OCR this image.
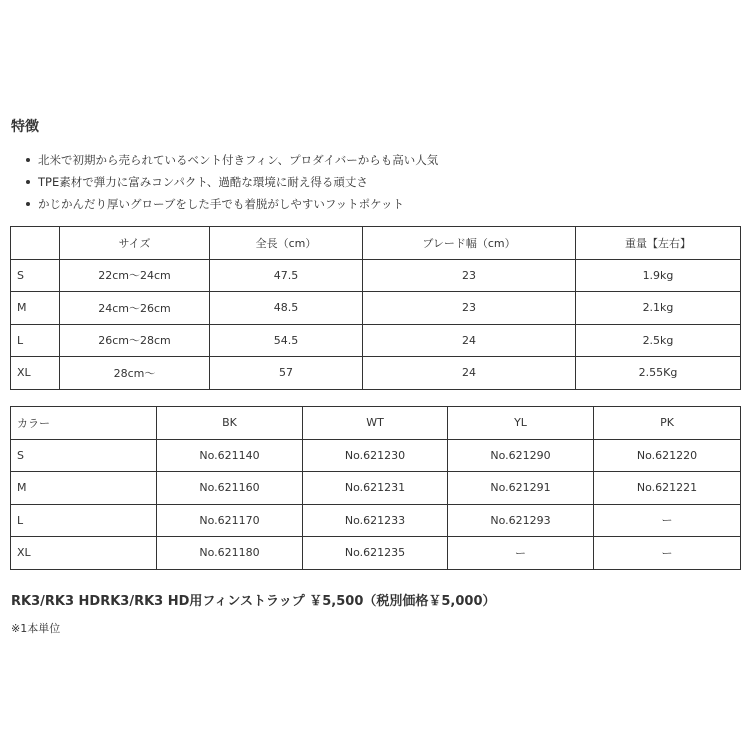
特徴
北米で初期から売られているベント付きフィン、プロダイバーからも高い人気
TPE素材で弾力に富みコンパクト、過酷な環境に耐え得る頑丈さ
かじかんだり厚いグローブをした手でも着脱がしやすいフットポケット
	サイズ	全長（cm）	ブレード幅（cm）	重量【左右】
S	22cm～24cm	47.5	23	1.9kg
M	24cm～26cm	48.5	23	2.1kg
L	26cm～28cm	54.5	24	2.5kg
XL	28cm～	57	24	2.55Kg
カラー	BK	WT	YL	PK
S	No.621140	No.621230	No.621290	No.621220
M	No.621160	No.621231	No.621291	No.621221
L	No.621170	No.621233	No.621293	ー
XL	No.621180	No.621235	ー	ー
RK3/RK3 HDRK3/RK3 HD用フィンストラップ ￥5,500（税別価格￥5,000）
※1本単位
